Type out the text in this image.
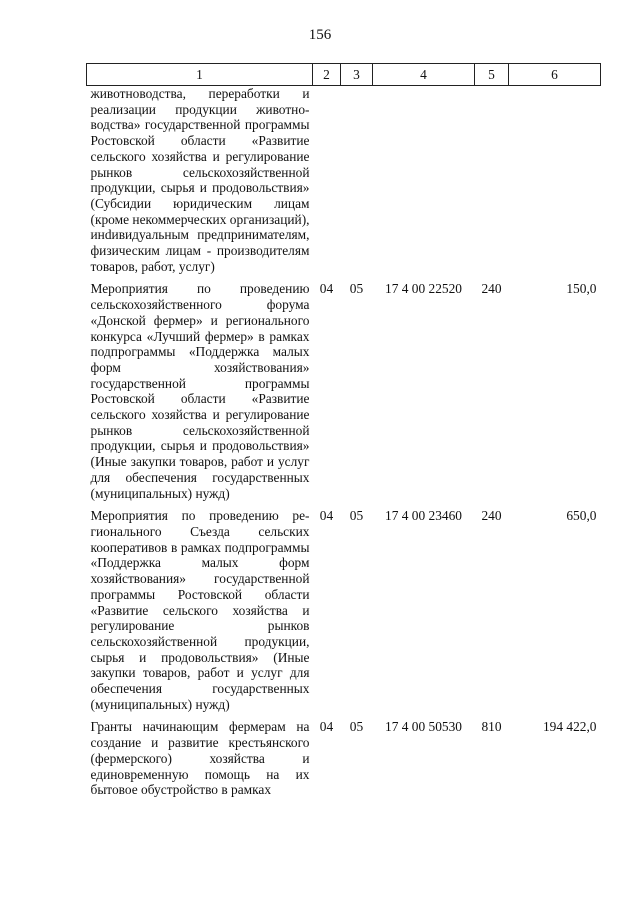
156
1	2	3	4	5	6
животноводства, переработки и реализации продукции животноводства» государственной программы Ростовской области «Развитие сельского хозяйства и регулирование рынков сельскохозяйственной продукции, сырья и продовольствия» (Субсидии юридическим лицам (кроме некоммерческих организаций), инdивидуальным предпринимателям, физическим лицам - производителям товаров, работ, услуг)					
Мероприятия по проведению сельскохозяйственного форума «Донской фермер» и регионального конкурса «Лучший фермер» в рамках подпрограммы «Поддержка малых форм хозяйствования» государственной программы Ростовской области «Развитие сельского хозяйства и регулирование рынков сельскохозяйственной продукции, сырья и продовольствия» (Иные закупки товаров, работ и услуг для обеспечения государственных (муниципальных) нужд)	04	05	17 4 00 22520	240	150,0
Мероприятия по проведению регионального Съезда сельских кооперативов в рамках подпрограммы «Поддержка малых форм хозяйствования» государственной программы Ростовской области «Развитие сельского хозяйства и регулирование рынков сельскохозяйственной продукции, сырья и продовольствия» (Иные закупки товаров, работ и услуг для обеспечения государственных (муниципальных) нужд)	04	05	17 4 00 23460	240	650,0
Гранты начинающим фермерам на создание и развитие крестьянского (фермерского) хозяйства и единовременную помощь на их бытовое обустройство в рамках	04	05	17 4 00 50530	810	194 422,0
